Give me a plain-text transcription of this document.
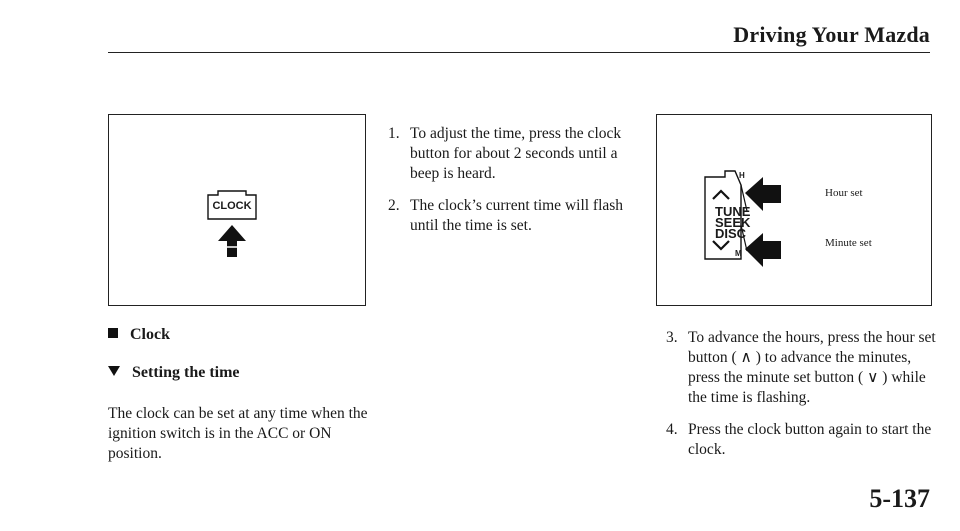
Driving Your Mazda
CLOCK
1. To adjust the time, press the clock button for about 2 seconds until a beep is heard.
2. The clock’s current time will flash until the time is set.
H
M
TUNE
SEEK
DISC
Hour set
Minute set
3. To advance the hours, press the hour set button ( ∧ ) to advance the minutes, press the minute set button ( ∨ ) while the time is flashing.
4. Press the clock button again to start the clock.
Clock
Setting the time
The clock can be set at any time when the ignition switch is in the ACC or ON position.
5-137
